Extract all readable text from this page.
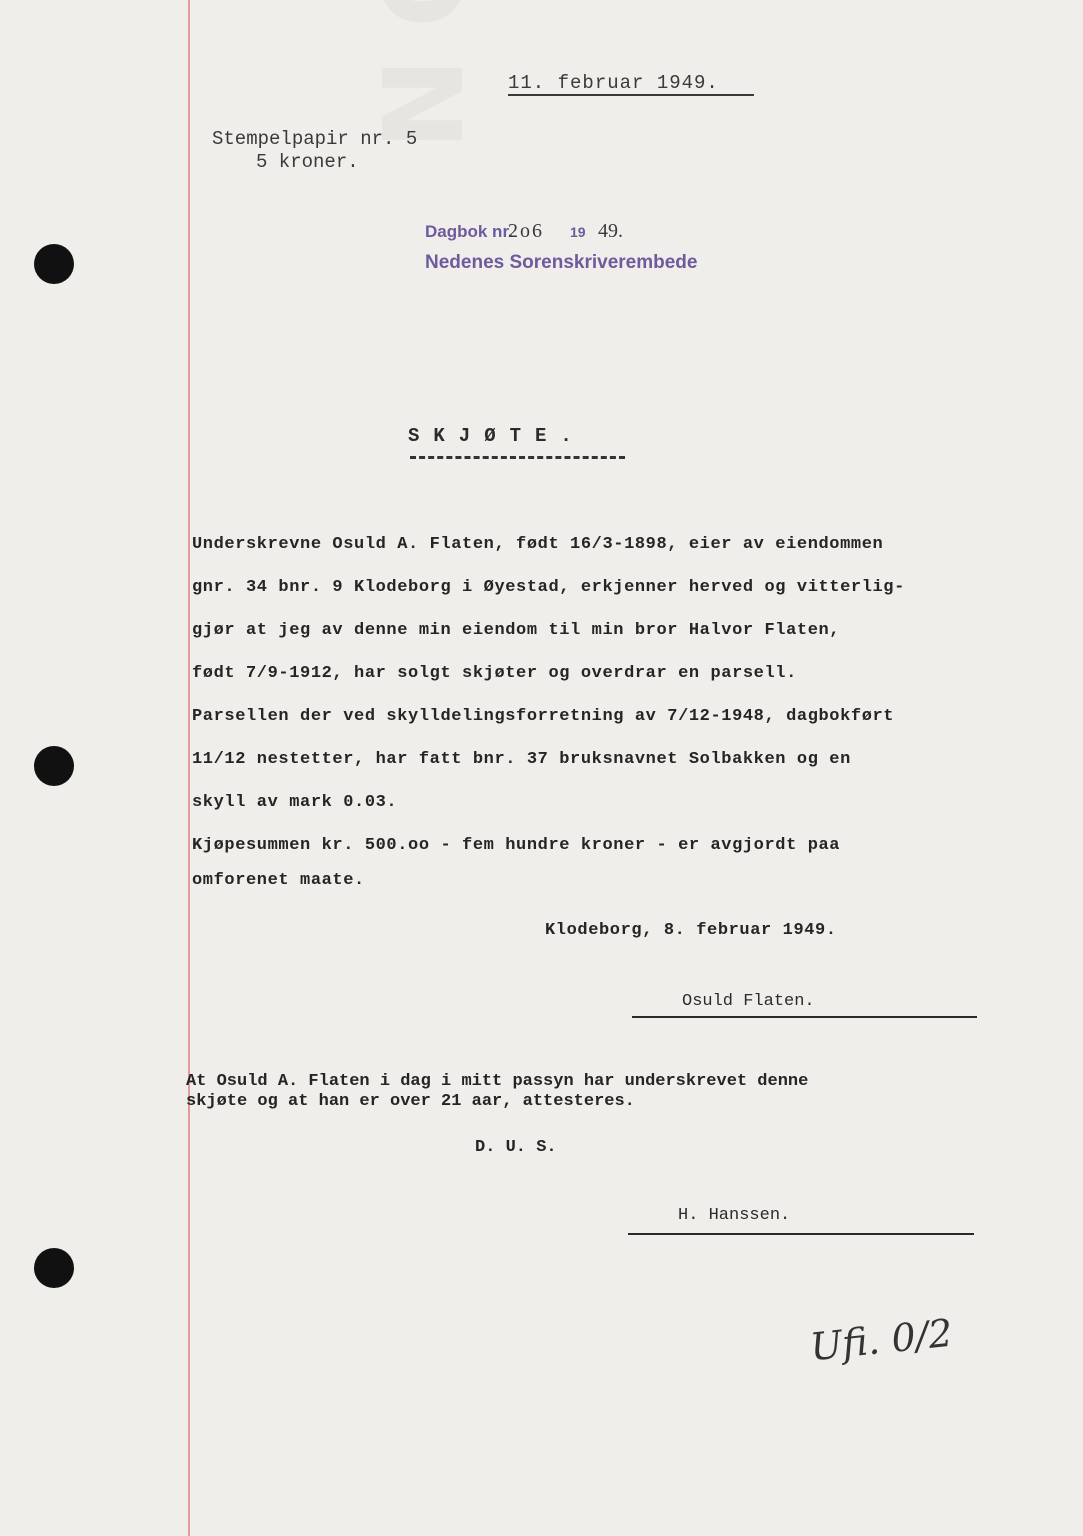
11. februar 1949.
Stempelpapir nr. 5
5 kroner.
Dagbok nr.
2o6 19 49.
Nedenes Sorenskriverembede
SKJØTE.
Underskrevne Osuld A. Flaten, født 16/3-1898, eier av eiendommen
gnr. 34 bnr. 9 Klodeborg i Øyestad, erkjenner herved og vitterlig-
gjør at jeg av denne min eiendom til min bror Halvor Flaten,
født 7/9-1912, har solgt skjøter og overdrar en parsell.
Parsellen der ved skylldelingsforretning av 7/12-1948, dagbokført
11/12 nestetter, har fatt bnr. 37 bruksnavnet Solbakken og en
skyll av mark 0.03.
Kjøpesummen kr. 500.oo - fem hundre kroner - er avgjordt paa
omforenet maate.
Klodeborg, 8. februar 1949.
Osuld Flaten.
At Osuld A. Flaten i dag i mitt passyn har underskrevet denne
skjøte og at han er over 21 aar, attesteres.
D. U. S.
H. Hanssen.
Ufi. 0/2
